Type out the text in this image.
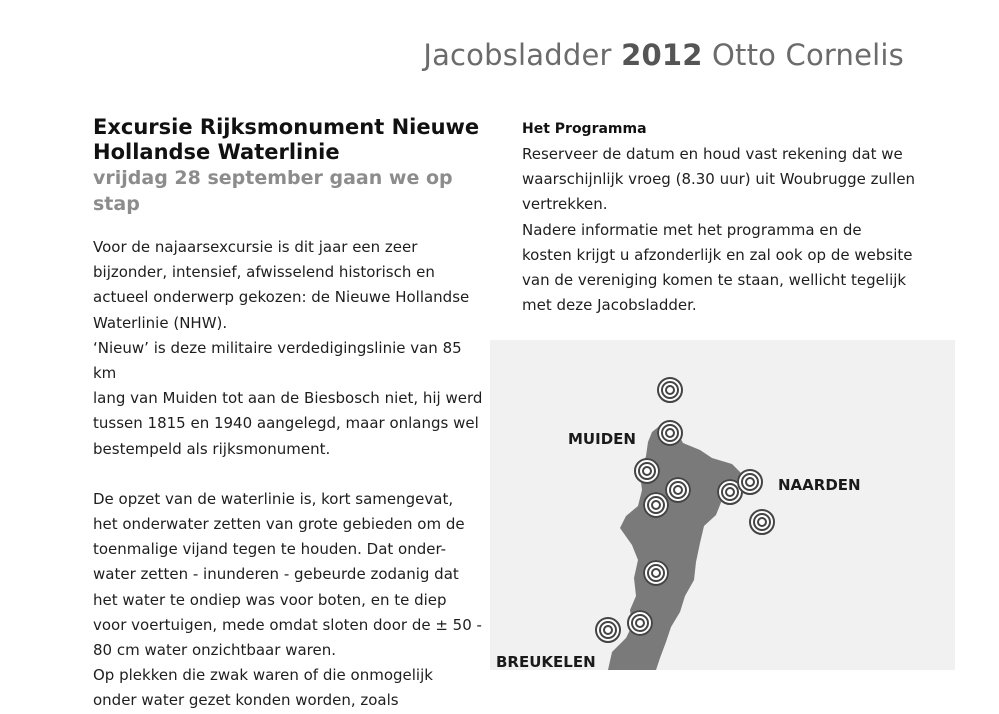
Jacobsladder 2012 Otto Cornelis
Excursie Rijksmonument Nieuwe
Hollandse Waterlinie
vrijdag 28 september gaan we op stap

Voor de najaarsexcursie is dit jaar een zeer

bijzonder, intensief, afwisselend historisch en

actueel onderwerp gekozen: de Nieuwe Hollandse

Waterlinie (NHW).

‘Nieuw’ is deze militaire verdedigingslinie van 85 km

lang van Muiden tot aan de Biesbosch niet, hij werd

tussen 1815 en 1940 aangelegd, maar onlangs wel

bestempeld als rijksmonument.

De opzet van de waterlinie is, kort samengevat,

het onderwater zetten van grote gebieden om de

toenmalige vijand tegen te houden. Dat onder-

water zetten - inunderen - gebeurde zodanig dat

het water te ondiep was voor boten, en te diep

voor voertuigen, mede omdat sloten door de ± 50 -

80 cm water onzichtbaar waren.

Op plekken die zwak waren of die onmogelijk

onder water gezet konden worden, zoals

Het Programma

Reserveer de datum en houd vast rekening dat we

waarschijnlijk vroeg (8.30 uur) uit Woubrugge zullen

vertrekken.

Nadere informatie met het programma en de

kosten krijgt u afzonderlijk en zal ook op de website

van de vereniging komen te staan, wellicht tegelijk

met deze Jacobsladder.

MUIDEN
NAARDEN
BREUKELEN
